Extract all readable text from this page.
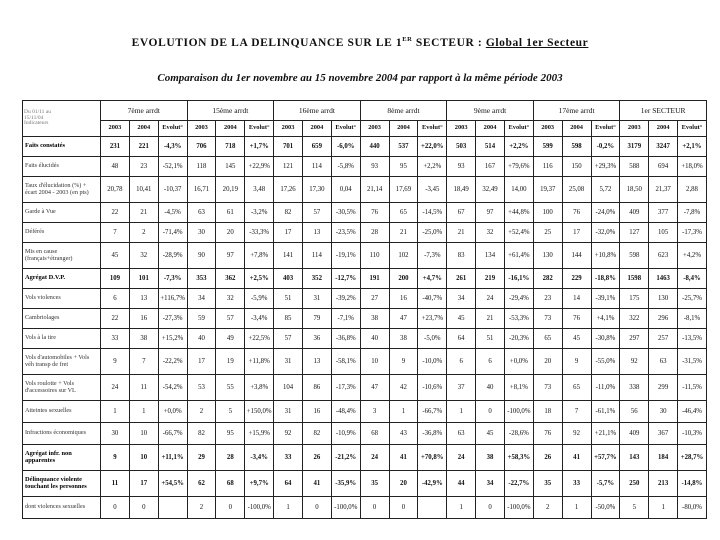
EVOLUTION DE LA DELINQUANCE SUR LE 1ER SECTEUR : Global 1er Secteur
Comparaison du 1er novembre au 15 novembre 2004 par rapport à la même période 2003
Du 01/11 au
15/11/04
Indicateurs	7ème arrdt			15ème arrdt			16ème arrdt			8ème arrdt			9ème arrdt			17ème arrdt			1er SECTEUR		
	2003	2004	Evolut°	2003	2004	Evolut°	2003	2004	Evolut°	2003	2004	Evolut°	2003	2004	Evolut°	2003	2004	Evolut°	2003	2004	Evolut°
Faits constatés	231	221	-4,3%	706	718	+1,7%	701	659	-6,0%	440	537	+22,0%	503	514	+2,2%	599	598	-0,2%	3179	3247	+2,1%
Faits élucidés	48	23	-52,1%	118	145	+22,9%	121	114	-5,8%	93	95	+2,2%	93	167	+79,6%	116	150	+29,3%	588	694	+18,0%
Taux d'élucidation (%) + écart 2004 - 2003 (en pts)	20,78	10,41	-10,37	16,71	20,19	3,48	17,26	17,30	0,04	21,14	17,69	-3,45	18,49	32,49	14,00	19,37	25,08	5,72	18,50	21,37	2,88
Garde à Vue	22	21	-4,5%	63	61	-3,2%	82	57	-30,5%	76	65	-14,5%	67	97	+44,8%	100	76	-24,0%	409	377	-7,8%
Déférés	7	2	-71,4%	30	20	-33,3%	17	13	-23,5%	28	21	-25,0%	21	32	+52,4%	25	17	-32,0%	127	105	-17,3%
Mis en cause (français+étranger)	45	32	-28,9%	90	97	+7,8%	141	114	-19,1%	110	102	-7,3%	83	134	+61,4%	130	144	+10,8%	598	623	+4,2%
Agrégat D.V.P.	109	101	-7,3%	353	362	+2,5%	403	352	-12,7%	191	200	+4,7%	261	219	-16,1%	282	229	-18,8%	1598	1463	-8,4%
Vols violences	6	13	+116,7%	34	32	-5,9%	51	31	-39,2%	27	16	-40,7%	34	24	-29,4%	23	14	-39,1%	175	130	-25,7%
Cambriolages	22	16	-27,3%	59	57	-3,4%	85	79	-7,1%	38	47	+23,7%	45	21	-53,3%	73	76	+4,1%	322	296	-8,1%
Vols à la tire	33	38	+15,2%	40	49	+22,5%	57	36	-36,8%	40	38	-5,0%	64	51	-20,3%	65	45	-30,8%	297	257	-13,5%
Vols d'automobiles + Vols véh transp de fret	9	7	-22,2%	17	19	+11,8%	31	13	-58,1%	10	9	-10,0%	6	6	+0,0%	20	9	-55,0%	92	63	-31,5%
Vols roulotte + Vols d'accessoires sur VL	24	11	-54,2%	53	55	+3,8%	104	86	-17,3%	47	42	-10,6%	37	40	+8,1%	73	65	-11,0%	338	299	-11,5%
Atteintes sexuelles	1	1	+0,0%	2	5	+150,0%	31	16	-48,4%	3	1	-66,7%	1	0	-100,0%	18	7	-61,1%	56	30	-46,4%
Infractions économiques	30	10	-66,7%	82	95	+15,9%	92	82	-10,9%	68	43	-36,8%	63	45	-28,6%	76	92	+21,1%	409	367	-10,3%
Agrégat infr. non apparentes	9	10	+11,1%	29	28	-3,4%	33	26	-21,2%	24	41	+70,8%	24	38	+58,3%	26	41	+57,7%	143	184	+28,7%
Délinquance violente touchant les personnes	11	17	+54,5%	62	68	+9,7%	64	41	-35,9%	35	20	-42,9%	44	34	-22,7%	35	33	-5,7%	250	213	-14,8%
dont violences sexuelles	0	0		2	0	-100,0%	1	0	-100,0%	0	0		1	0	-100,0%	2	1	-50,0%	5	1	-80,0%
